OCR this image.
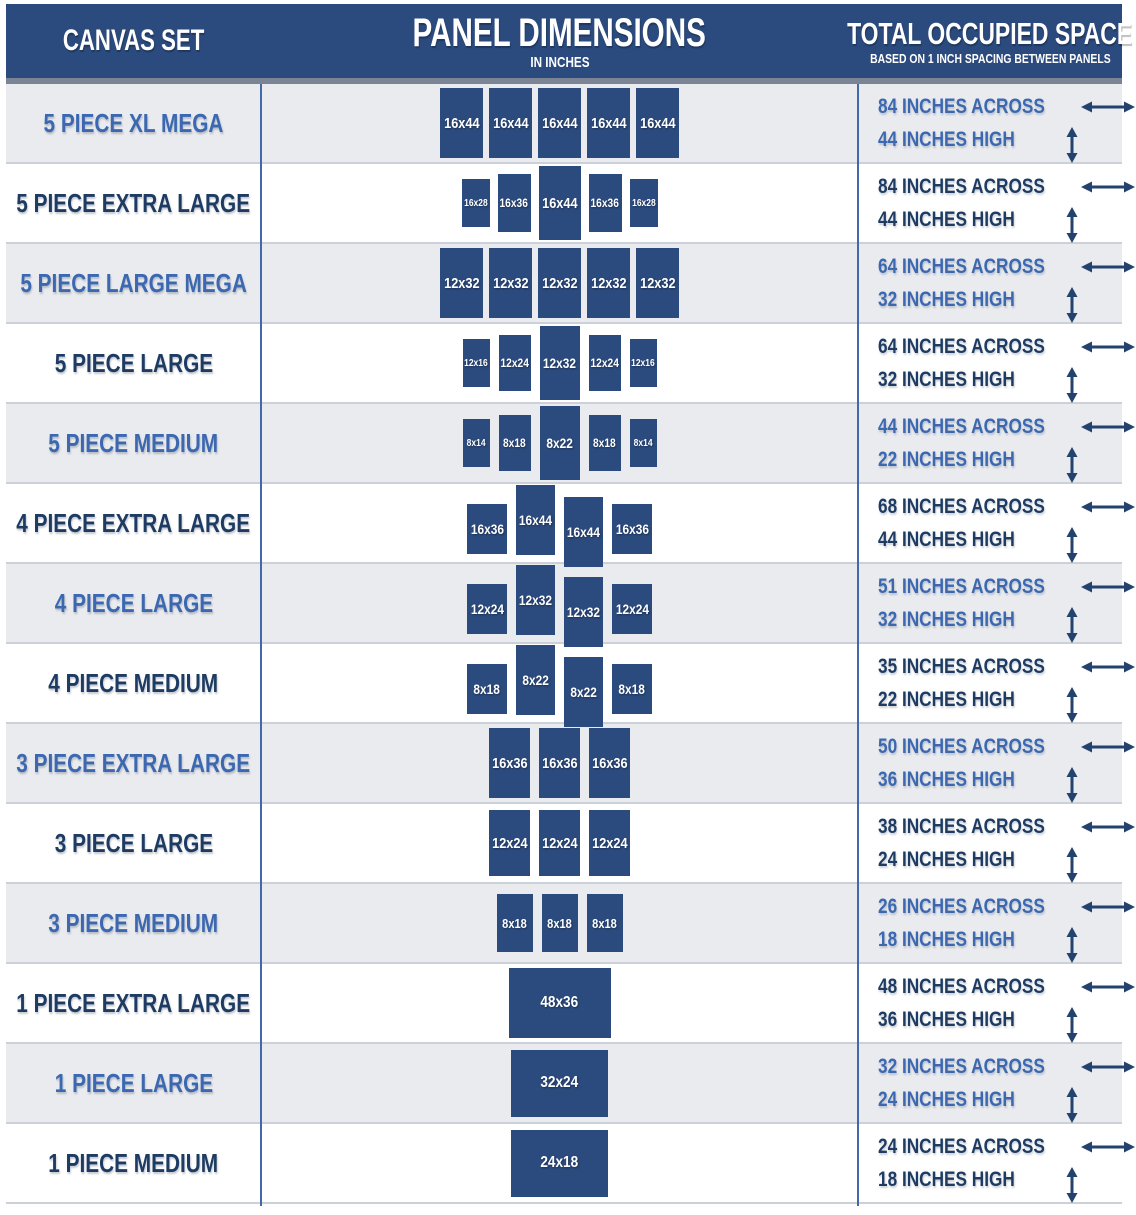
CANVAS SET	PANEL DIMENSIONS
IN INCHES
TOTAL OCCUPIED SPACE
BASED ON 1 INCH SPACING BETWEEN PANELS
5 PIECE XL MEGA	16x44 16x44 16x44 16x44 16x44
84 INCHES ACROSS
44 INCHES HIGH
5 PIECE EXTRA LARGE	16x28 16x36 16x44 16x36 16x28
84 INCHES ACROSS
44 INCHES HIGH
5 PIECE LARGE MEGA	12x32 12x32 12x32 12x32 12x32
64 INCHES ACROSS
32 INCHES HIGH
5 PIECE LARGE	12x16 12x24 12x32 12x24 12x16
64 INCHES ACROSS
32 INCHES HIGH
5 PIECE MEDIUM	8x14 8x18 8x22 8x18 8x14
44 INCHES ACROSS
22 INCHES HIGH
4 PIECE EXTRA LARGE	16x36
16x44
16x44 16x36
68 INCHES ACROSS
44 INCHES HIGH
4 PIECE LARGE	12x24
12x32
12x32 12x24
51 INCHES ACROSS
32 INCHES HIGH
4 PIECE MEDIUM	8x18
8x22
8x22 8x18
35 INCHES ACROSS
22 INCHES HIGH
3 PIECE EXTRA LARGE	16x36 16x36 16x36
50 INCHES ACROSS
36 INCHES HIGH
3 PIECE LARGE	12x24 12x24 12x24
38 INCHES ACROSS
24 INCHES HIGH
3 PIECE MEDIUM	8x18 8x18 8x18
26 INCHES ACROSS
18 INCHES HIGH
1 PIECE EXTRA LARGE	48x36
48 INCHES ACROSS
36 INCHES HIGH
1 PIECE LARGE	32x24
32 INCHES ACROSS
24 INCHES HIGH
1 PIECE MEDIUM	24x18
24 INCHES ACROSS
18 INCHES HIGH
